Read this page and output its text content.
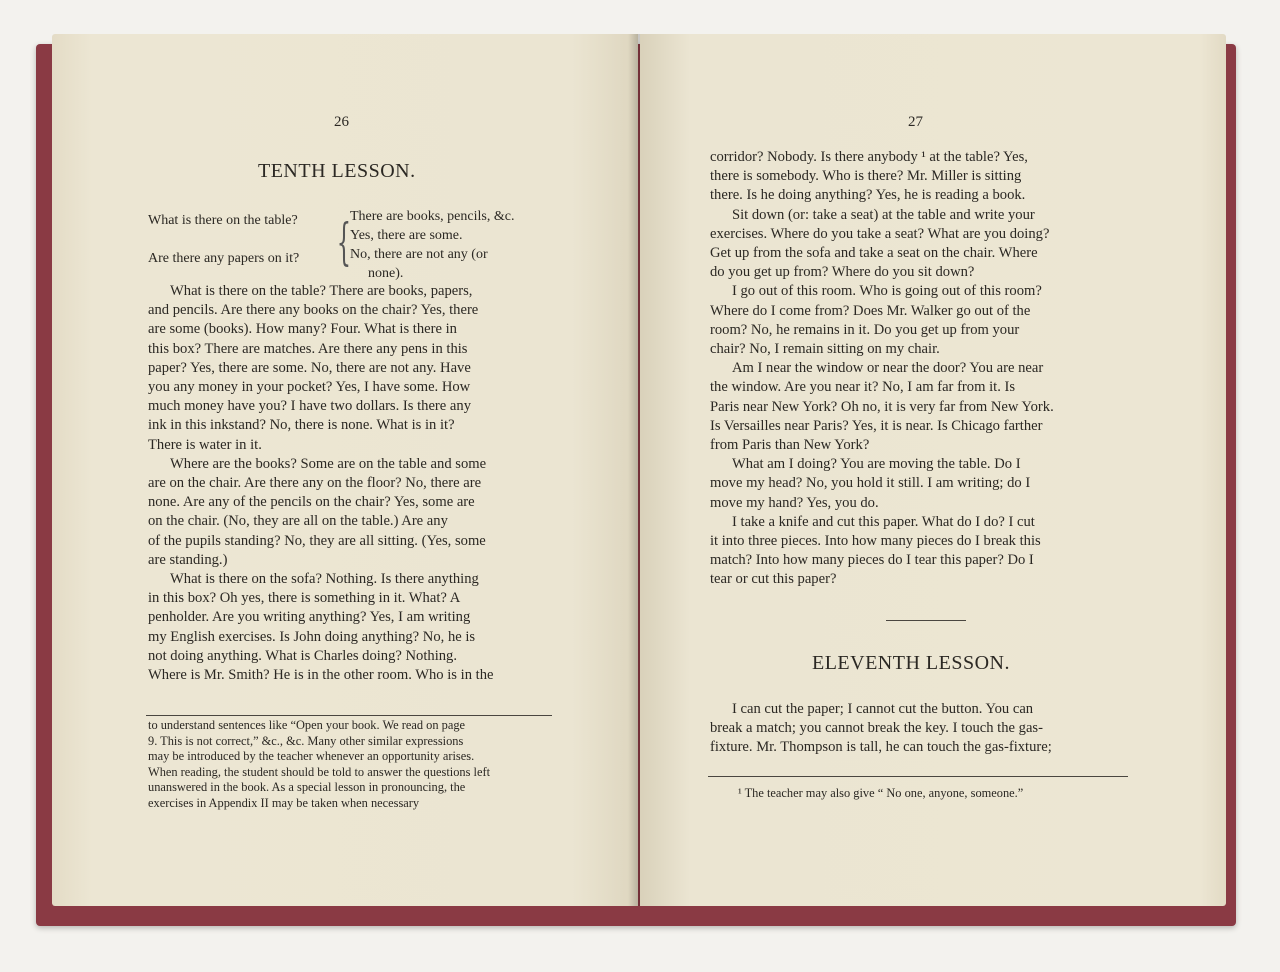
26
TENTH LESSON.
What is there on the table?	There are books, pencils, &c.
Are there any papers on it? {
Yes, there are some.
No, there are not any (or
none).

What is there on the table? There are books, papers,
and pencils. Are there any books on the chair? Yes, there
are some (books). How many? Four. What is there in
this box? There are matches. Are there any pens in this
paper? Yes, there are some. No, there are not any. Have
you any money in your pocket? Yes, I have some. How
much money have you? I have two dollars. Is there any
ink in this inkstand? No, there is none. What is in it?
There is water in it.

Where are the books? Some are on the table and some
are on the chair. Are there any on the floor? No, there are
none. Are any of the pencils on the chair? Yes, some are
on the chair. (No, they are all on the table.) Are any
of the pupils standing? No, they are all sitting. (Yes, some
are standing.)

What is there on the sofa? Nothing. Is there anything
in this box? Oh yes, there is something in it. What? A
penholder. Are you writing anything? Yes, I am writing
my English exercises. Is John doing anything? No, he is
not doing anything. What is Charles doing? Nothing.
Where is Mr. Smith? He is in the other room. Who is in the

to understand sentences like “Open your book. We read on page
9. This is not correct,” &c., &c. Many other similar expressions
may be introduced by the teacher whenever an opportunity arises.
When reading, the student should be told to answer the questions left
unanswered in the book. As a special lesson in pronouncing, the
exercises in Appendix II may be taken when necessary
27

corridor? Nobody. Is there anybody ¹ at the table? Yes,
there is somebody. Who is there? Mr. Miller is sitting
there. Is he doing anything? Yes, he is reading a book.

Sit down (or: take a seat) at the table and write your
exercises. Where do you take a seat? What are you doing?
Get up from the sofa and take a seat on the chair. Where
do you get up from? Where do you sit down?

I go out of this room. Who is going out of this room?
Where do I come from? Does Mr. Walker go out of the
room? No, he remains in it. Do you get up from your
chair? No, I remain sitting on my chair.

Am I near the window or near the door? You are near
the window. Are you near it? No, I am far from it. Is
Paris near New York? Oh no, it is very far from New York.
Is Versailles near Paris? Yes, it is near. Is Chicago farther
from Paris than New York?

What am I doing? You are moving the table. Do I
move my head? No, you hold it still. I am writing; do I
move my hand? Yes, you do.

I take a knife and cut this paper. What do I do? I cut
it into three pieces. Into how many pieces do I break this
match? Into how many pieces do I tear this paper? Do I
tear or cut this paper?

ELEVENTH LESSON.

I can cut the paper; I cannot cut the button. You can
break a match; you cannot break the key. I touch the gas-
fixture. Mr. Thompson is tall, he can touch the gas-fixture;

¹ The teacher may also give “ No one, anyone, someone.”
